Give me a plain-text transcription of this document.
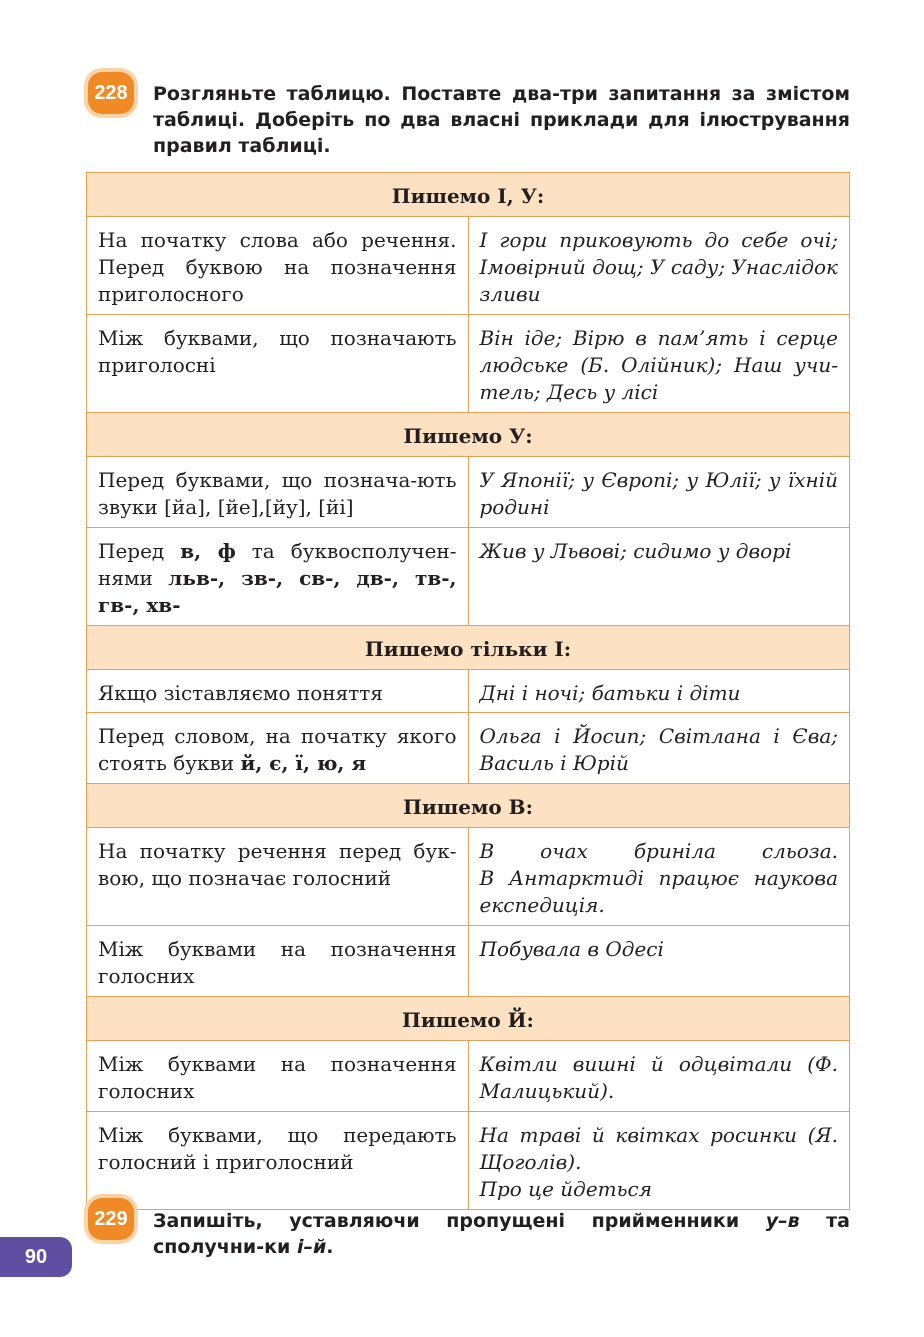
228	Розгляньте таблицю. Поставте два-три запитання за змістом таблиці. Доберіть по два власні приклади для ілюстрування правил таблиці.
Пишемо І, У:	
На початку слова або речення. Перед буквою на позначення приголосного	І гори приковують до себе очі; Імовірний дощ; У саду; Унаслідок зливи
Між буквами, що позначають приголосні	Він іде; Вірю в пам’ять і серце людське (Б. Олійник); Наш учи-тель; Десь у лісі
Пишемо У:	
Перед буквами, що познача-ють звуки [йа], [йе],[йу], [йі]	У Японії; у Європі; у Юлії; у їхній родині
Перед в, ф та буквосполучен-нями льв-, зв-, св-, дв-, тв-, гв-, хв-	Жив у Львові; сидимо у дворі
Пишемо тільки І:	
Якщо зіставляємо поняття	Дні і ночі; батьки і діти
Перед словом, на початку якого стоять букви й, є, ї, ю, я	Ольга і Йосип; Світлана і Єва; Василь і Юрій
Пишемо В:	
На початку речення перед бук-вою, що позначає голосний	В очах бриніла сльоза.
В Антарктиді працює наукова експедиція.

Між буквами на позначення голосних	Побувала в Одесі
Пишемо Й:	
Між буквами на позначення голосних	Квітли вишні й одцвітали (Ф. Малицький).
Між буквами, що передають голосний і приголосний	На траві й квітках росинки (Я. Щоголів).
Про це йдеться
229	Запишіть, уставляючи пропущені прийменники у–в та сполучни-ки і–й.
90
